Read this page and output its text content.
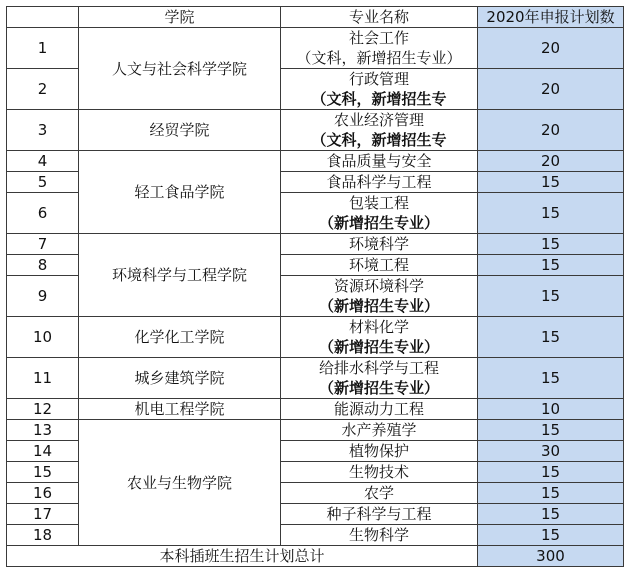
	学院	专业名称	2020年申报计划数
1	人文与社会科学学院	社会工作
（文科，新增招生专业）	20
2		行政管理
（文科，新增招生专	20
3	经贸学院	农业经济管理
（文科，新增招生专	20
4	轻工食品学院	食品质量与安全	20
5		食品科学与工程	15
6		包装工程
（新增招生专业）	15
7	环境科学与工程学院	环境科学	15
8		环境工程	15
9		资源环境科学
（新增招生专业）	15
10	化学化工学院	材料化学
（新增招生专业）	15
11	城乡建筑学院	给排水科学与工程
（新增招生专业）	15
12	机电工程学院	能源动力工程	10
13	农业与生物学院	水产养殖学	15
14		植物保护	30
15		生物技术	15
16		农学	15
17		种子科学与工程	15
18		生物科学	15
本科插班生招生计划总计			300
